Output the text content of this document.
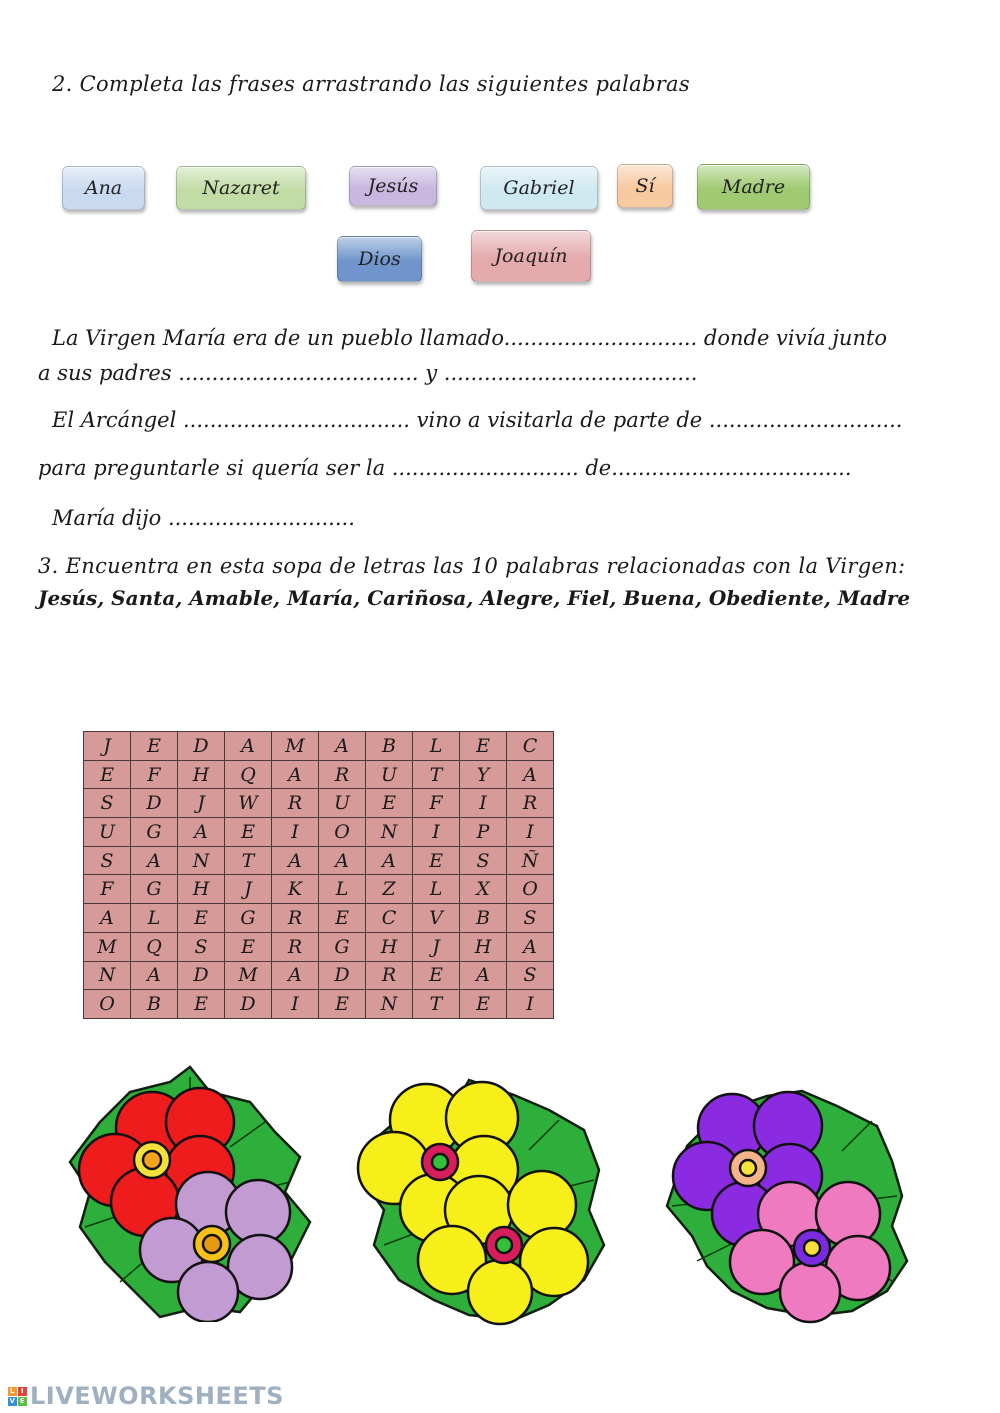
2. Completa las frases arrastrando las siguientes palabras
Ana	Nazaret	Jesús	Gabriel	Sí	Madre
Dios	Joaquín
La Virgen María era de un pueblo llamado............................. donde vivía junto
a sus padres .................................... y ......................................
El Arcángel .................................. vino a visitarla de parte de .............................
para preguntarle si quería ser la ............................ de....................................
María dijo ............................
3. Encuentra en esta sopa de letras las 10 palabras relacionadas con la Virgen:
Jesús, Santa, Amable, María, Cariñosa, Alegre, Fiel, Buena, Obediente, Madre
J	E	D	A	M	A	B	L	E	C
E	F	H	Q	A	R	U	T	Y	A
S	D	J	W	R	U	E	F	I	R
U	G	A	E	I	O	N	I	P	I
S	A	N	T	A	A	A	E	S	Ñ
F	G	H	J	K	L	Z	L	X	O
A	L	E	G	R	E	C	V	B	S
M	Q	S	E	R	G	H	J	H	A
N	A	D	M	A	D	R	E	A	S
O	B	E	D	I	E	N	T	E	I
L I
V E LIVEWORKSHEETS
